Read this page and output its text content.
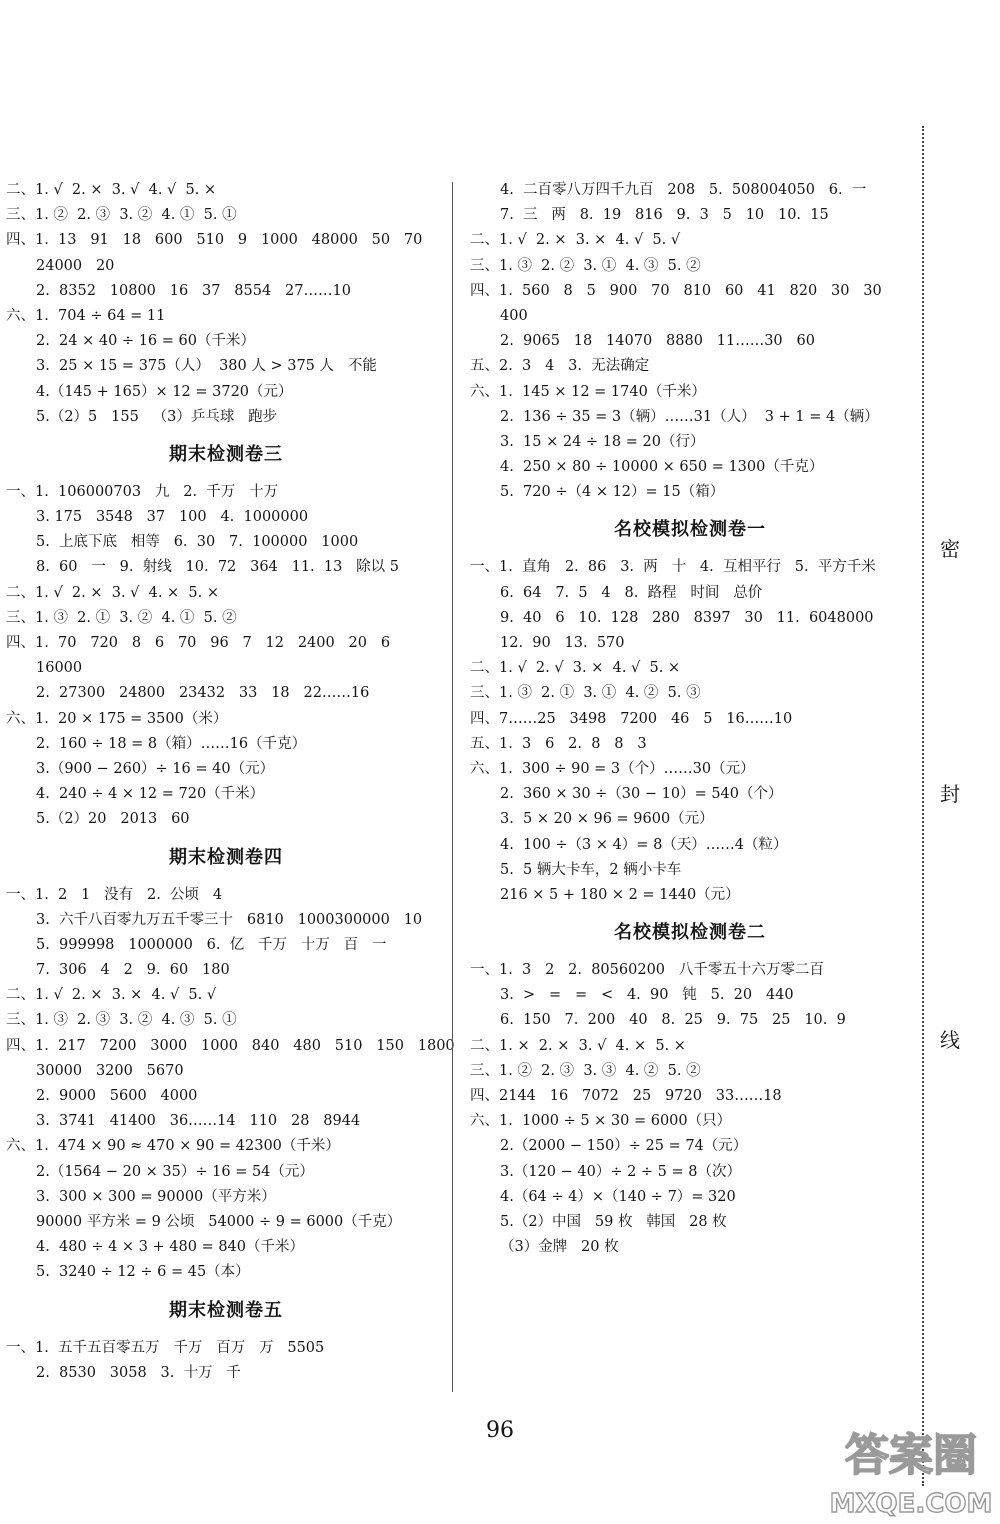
二、1. √  2. ×  3. √  4. √  5. ×
三、1. ②  2. ③  3. ②  4. ①  5. ①
四、1.  13   91   18   600   510   9   1000   48000   50   70
24000   20
2.  8352   10800   16   37   8554   27……10
六、1.  704 ÷ 64 = 11
2.  24 × 40 ÷ 16 = 60（千米）
3.  25 × 15 = 375（人）  380 人 > 375 人   不能
4.（145 + 165）× 12 = 3720（元）
5.（2）5   155   （3）乒乓球   跑步
期末检测卷三
一、1.  106000703   九   2.  千万   十万
3. 175   3548   37   100   4.  1000000
5.  上底下底   相等   6.  30   7.  100000   1000
8.  60   一   9.  射线   10.  72   364   11.  13   除以 5
二、1. √  2. ×  3. √  4. ×  5. ×
三、1. ③  2. ①  3. ②  4. ①  5. ②
四、1.  70   720   8   6   70   96   7   12   2400   20   6
16000
2.  27300   24800   23432   33   18   22……16
六、1.  20 × 175 = 3500（米）
2.  160 ÷ 18 = 8（箱）……16（千克）
3.（900 − 260）÷ 16 = 40（元）
4.  240 ÷ 4 × 12 = 720（千米）
5.（2）20   2013   60
期末检测卷四
一、1.  2   1   没有   2.  公顷   4
3.  六千八百零九万五千零三十   6810   1000300000   10
5.  999998   1000000   6.  亿   千万   十万   百   一
7.  306   4   2   9.  60   180
二、1. √  2. ×  3. ×  4. √  5. √
三、1. ③  2. ③  3. ②  4. ③  5. ①
四、1.  217   7200   3000   1000   840   480   510   150   1800
30000   3200   5670
2.  9000   5600   4000
3.  3741   41400   36……14   110   28   8944
六、1.  474 × 90 ≈ 470 × 90 = 42300（千米）
2.（1564 − 20 × 35）÷ 16 = 54（元）
3.  300 × 300 = 90000（平方米）
90000 平方米 = 9 公顷   54000 ÷ 9 = 6000（千克）
4.  480 ÷ 4 × 3 + 480 = 840（千米）
5.  3240 ÷ 12 ÷ 6 = 45（本）
期末检测卷五
一、1.  五千五百零五万   千万   百万   万   5505
2.  8530   3058   3.  十万   千
4.  二百零八万四千九百   208   5.  508004050   6.  一
7.  三   两   8.  19   816   9.  3   5   10   10.  15
二、1. √  2. ×  3. ×  4. √  5. √
三、1. ③  2. ②  3. ①  4. ③  5. ②
四、1.  560   8   5   900   70   810   60   41   820   30   30
400
2.  9065   18   14070   8880   11……30   60
五、2.  3   4   3.  无法确定
六、1.  145 × 12 = 1740（千米）
2.  136 ÷ 35 = 3（辆）……31（人）  3 + 1 = 4（辆）
3.  15 × 24 ÷ 18 = 20（行）
4.  250 × 80 ÷ 10000 × 650 = 1300（千克）
5.  720 ÷（4 × 12）= 15（箱）
名校模拟检测卷一
一、1.  直角   2.  86   3.  两   十   4.  互相平行   5.  平方千米
6.  64   7.  5   4   8.  路程   时间   总价
9.  40   6   10.  128   280   8397   30   11.  6048000
12.  90   13.  570
二、1. √  2. √  3. ×  4. √  5. ×
三、1. ③  2. ①  3. ①  4. ②  5. ③
四、7……25   3498   7200   46   5   16……10
五、1.  3   6   2.  8   8   3
六、1.  300 ÷ 90 = 3（个）……30（元）
2.  360 × 30 ÷（30 − 10）= 540（个）
3.  5 × 20 × 96 = 9600（元）
4.  100 ÷（3 × 4）= 8（天）……4（粒）
5.  5 辆大卡车，2 辆小卡车
216 × 5 + 180 × 2 = 1440（元）
名校模拟检测卷二
一、1.  3   2   2.  80560200   八千零五十六万零二百
3.  >   =   =   <   4.  90   钝   5.  20   440
6.  150   7.  200   40   8.  25   9.  75   25   10.  9
二、1. ×  2. ×  3. √  4. ×  5. ×
三、1. ②  2. ③  3. ③  4. ②  5. ②
四、2144   16   7072   25   9720   33……18
六、1.  1000 ÷ 5 × 30 = 6000（只）
2.（2000 − 150）÷ 25 = 74（元）
3.（120 − 40）÷ 2 ÷ 5 = 8（次）
4.（64 ÷ 4）×（140 ÷ 7）= 320
5.（2）中国   59 枚   韩国   28 枚
（3）金牌   20 枚
密
封
线
96	答案圈
MXQE.COM
